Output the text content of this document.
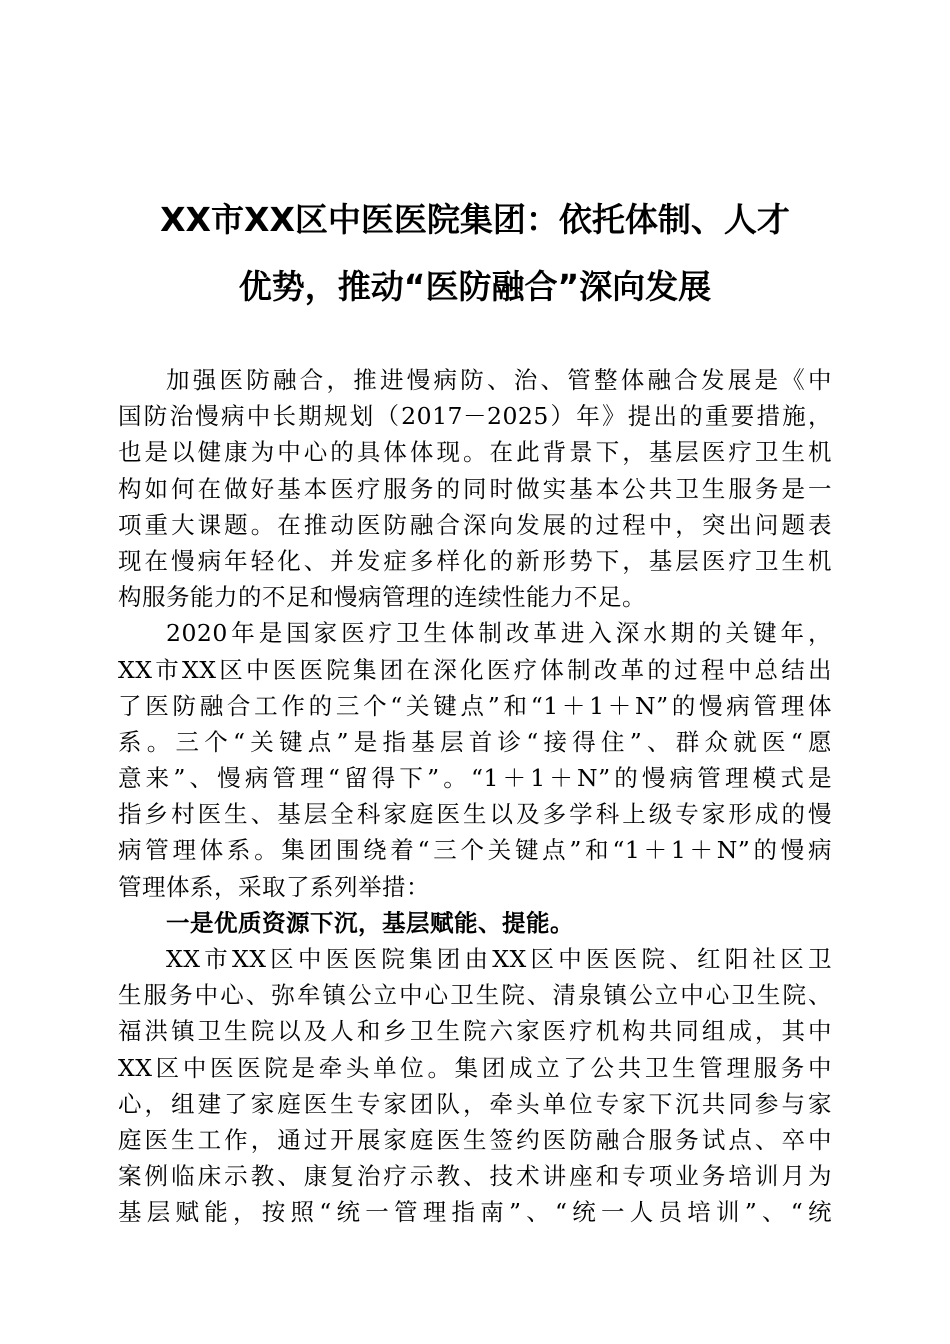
XX市XX区中医医院集团：依托体制、人才
优势，推动“医防融合”深向发展
加强医防融合，推进慢病防、治、管整体融合发展是《中
国防治慢病中长期规划（2017－2025）年》提出的重要措施，
也是以健康为中心的具体体现。在此背景下，基层医疗卫生机
构如何在做好基本医疗服务的同时做实基本公共卫生服务是一
项重大课题。在推动医防融合深向发展的过程中，突出问题表
现在慢病年轻化、并发症多样化的新形势下，基层医疗卫生机
构服务能力的不足和慢病管理的连续性能力不足。
2020年是国家医疗卫生体制改革进入深水期的关键年，
XX市XX区中医医院集团在深化医疗体制改革的过程中总结出
了医防融合工作的三个“关键点”和“1＋1＋N”的慢病管理体
系。三个“关键点”是指基层首诊“接得住”、群众就医“愿
意来”、慢病管理“留得下”。“1＋1＋N”的慢病管理模式是
指乡村医生、基层全科家庭医生以及多学科上级专家形成的慢
病管理体系。集团围绕着“三个关键点”和“1＋1＋N”的慢病
管理体系，采取了系列举措：
一是优质资源下沉，基层赋能、提能。
XX市XX区中医医院集团由XX区中医医院、红阳社区卫
生服务中心、弥牟镇公立中心卫生院、清泉镇公立中心卫生院、
福洪镇卫生院以及人和乡卫生院六家医疗机构共同组成，其中
XX区中医医院是牵头单位。集团成立了公共卫生管理服务中
心，组建了家庭医生专家团队，牵头单位专家下沉共同参与家
庭医生工作，通过开展家庭医生签约医防融合服务试点、卒中
案例临床示教、康复治疗示教、技术讲座和专项业务培训月为
基层赋能，按照“统一管理指南”、“统一人员培训”、“统
